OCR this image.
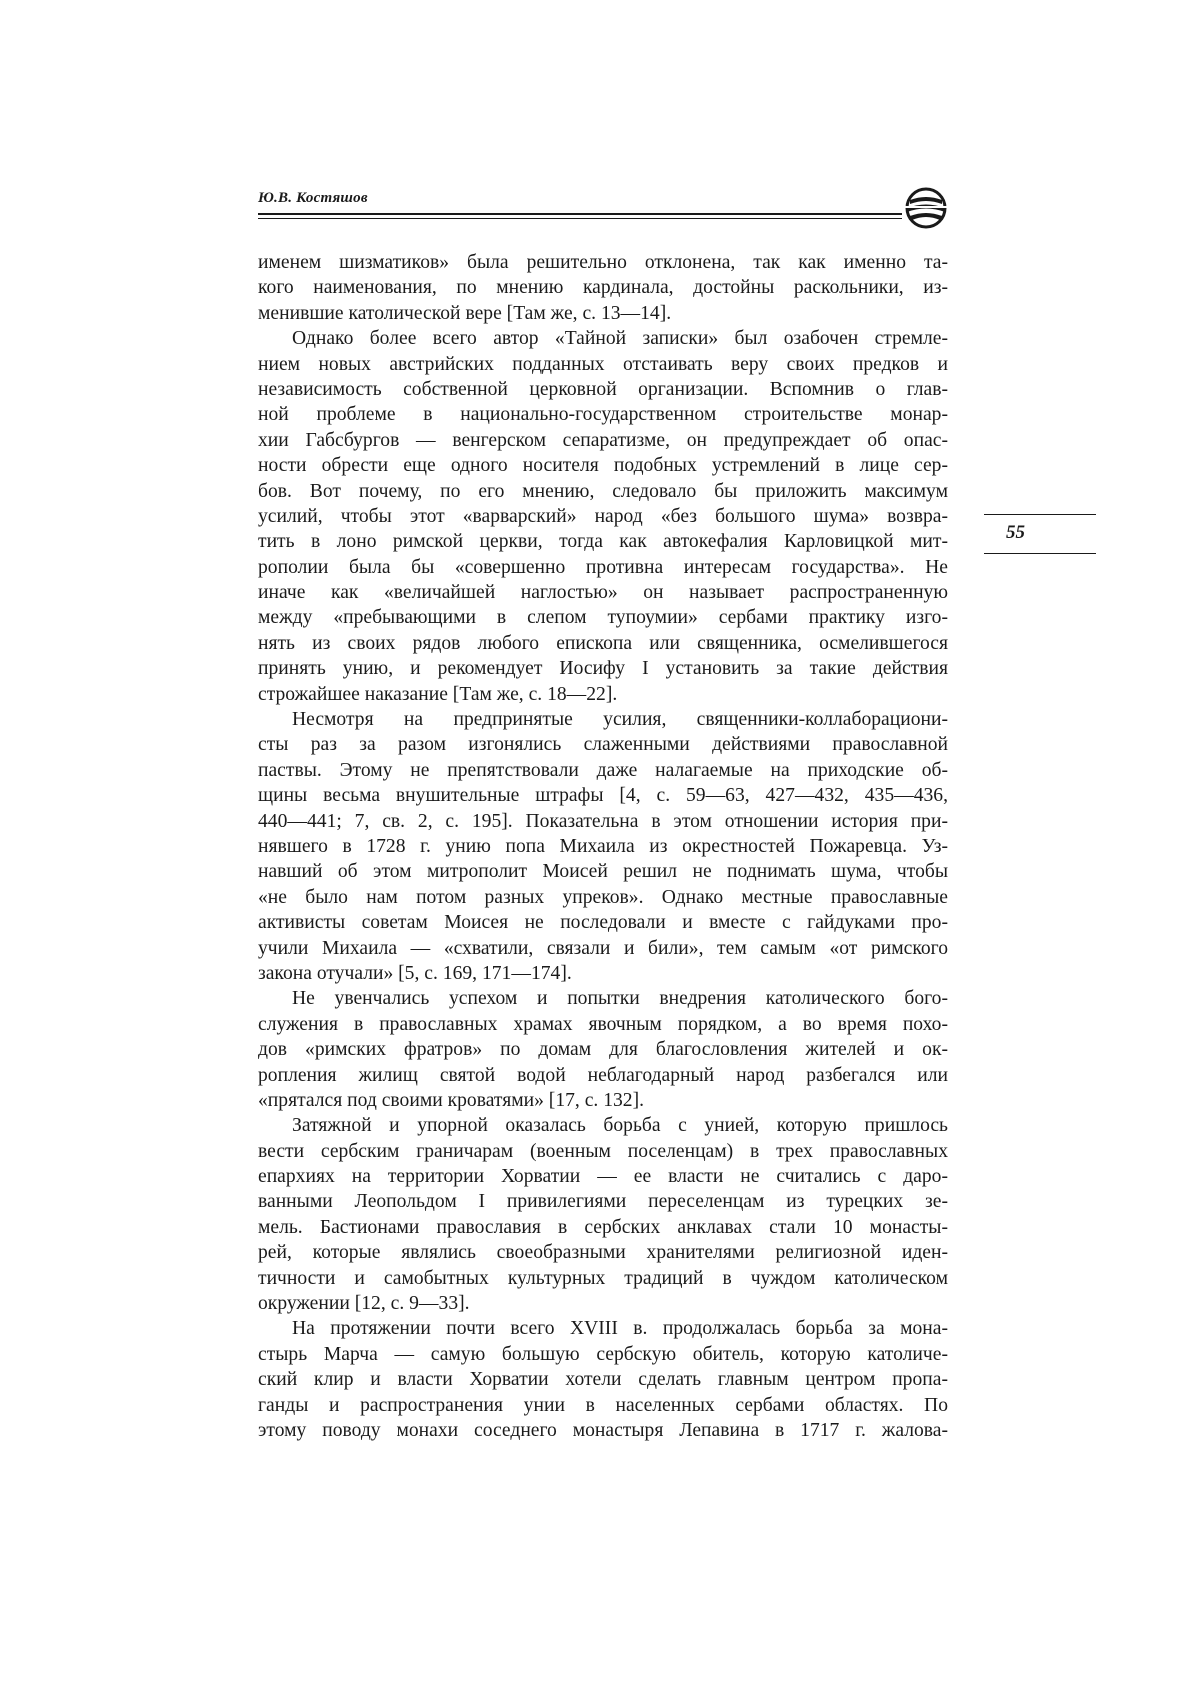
Ю.В. Костяшов
55
именем шизматиков» была решительно отклонена, так как именно та-
кого наименования, по мнению кардинала, достойны раскольники, из-
менившие католической вере [Там же, с. 13—14].
Однако более всего автор «Тайной записки» был озабочен стремле-
нием новых австрийских подданных отстаивать веру своих предков и
независимость собственной церковной организации. Вспомнив о глав-
ной проблеме в национально-государственном строительстве монар-
хии Габсбургов — венгерском сепаратизме, он предупреждает об опас-
ности обрести еще одного носителя подобных устремлений в лице сер-
бов. Вот почему, по его мнению, следовало бы приложить максимум
усилий, чтобы этот «варварский» народ «без большого шума» возвра-
тить в лоно римской церкви, тогда как автокефалия Карловицкой мит-
рополии была бы «совершенно противна интересам государства». Не
иначе как «величайшей наглостью» он называет распространенную
между «пребывающими в слепом тупоумии» сербами практику изго-
нять из своих рядов любого епископа или священника, осмелившегося
принять унию, и рекомендует Иосифу I установить за такие действия
строжайшее наказание [Там же, с. 18—22].
Несмотря на предпринятые усилия, священники-коллаборациони-
сты раз за разом изгонялись слаженными действиями православной
паствы. Этому не препятствовали даже налагаемые на приходские об-
щины весьма внушительные штрафы [4, с. 59—63, 427—432, 435—436,
440—441; 7, св. 2, с. 195]. Показательна в этом отношении история при-
нявшего в 1728 г. унию попа Михаила из окрестностей Пожаревца. Уз-
навший об этом митрополит Моисей решил не поднимать шума, чтобы
«не было нам потом разных упреков». Однако местные православные
активисты советам Моисея не последовали и вместе с гайдуками про-
учили Михаила — «схватили, связали и били», тем самым «от римского
закона отучали» [5, с. 169, 171—174].
Не увенчались успехом и попытки внедрения католического бого-
служения в православных храмах явочным порядком, а во время похо-
дов «римских фратров» по домам для благословления жителей и ок-
ропления жилищ святой водой неблагодарный народ разбегался или
«прятался под своими кроватями» [17, с. 132].
Затяжной и упорной оказалась борьба с унией, которую пришлось
вести сербским граничарам (военным поселенцам) в трех православных
епархиях на территории Хорватии — ее власти не считались с даро-
ванными Леопольдом I привилегиями переселенцам из турецких зе-
мель. Бастионами православия в сербских анклавах стали 10 монасты-
рей, которые являлись своеобразными хранителями религиозной иден-
тичности и самобытных культурных традиций в чуждом католическом
окружении [12, с. 9—33].
На протяжении почти всего XVIII в. продолжалась борьба за мона-
стырь Марча — самую большую сербскую обитель, которую католиче-
ский клир и власти Хорватии хотели сделать главным центром пропа-
ганды и распространения унии в населенных сербами областях. По
этому поводу монахи соседнего монастыря Лепавина в 1717 г. жалова-
